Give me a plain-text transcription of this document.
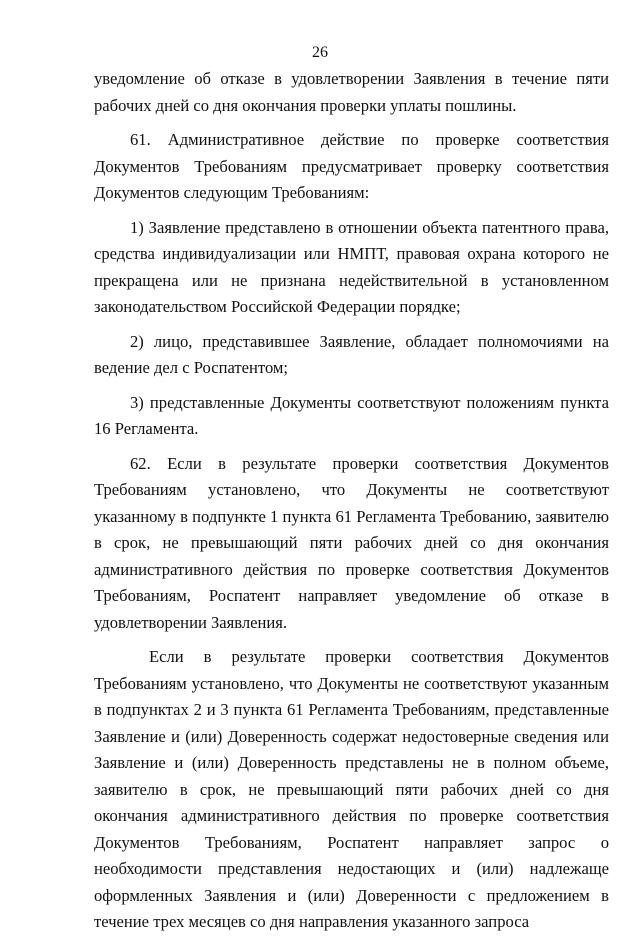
26

уведомление об отказе в удовлетворении Заявления в течение пяти рабочих дней со дня окончания проверки уплаты пошлины.

61. Административное действие по проверке соответствия Документов Требованиям предусматривает проверку соответствия Документов следующим Требованиям:

1) Заявление представлено в отношении объекта патентного права, средства индивидуализации или НМПТ, правовая охрана которого не прекращена или не признана недействительной в установленном законодательством Российской Федерации порядке;

2) лицо, представившее Заявление, обладает полномочиями на ведение дел с Роспатентом;

3) представленные Документы соответствуют положениям пункта 16 Регламента.

62. Если в результате проверки соответствия Документов Требованиям установлено, что Документы не соответствуют указанному в подпункте 1 пункта 61 Регламента Требованию, заявителю в срок, не превышающий пяти рабочих дней со дня окончания административного действия по проверке соответствия Документов Требованиям, Роспатент направляет уведомление об отказе в удовлетворении Заявления.

Если в результате проверки соответствия Документов Требованиям установлено, что Документы не соответствуют указанным в подпунктах 2 и 3 пункта 61 Регламента Требованиям, представленные Заявление и (или) Доверенность содержат недостоверные сведения или Заявление и (или) Доверенность представлены не в полном объеме, заявителю в срок, не превышающий пяти рабочих дней со дня окончания административного действия по проверке соответствия Документов Требованиям, Роспатент направляет запрос о необходимости представления недостающих и (или) надлежаще оформленных Заявления и (или) Доверенности с предложением в течение трех месяцев со дня направления указанного запроса
